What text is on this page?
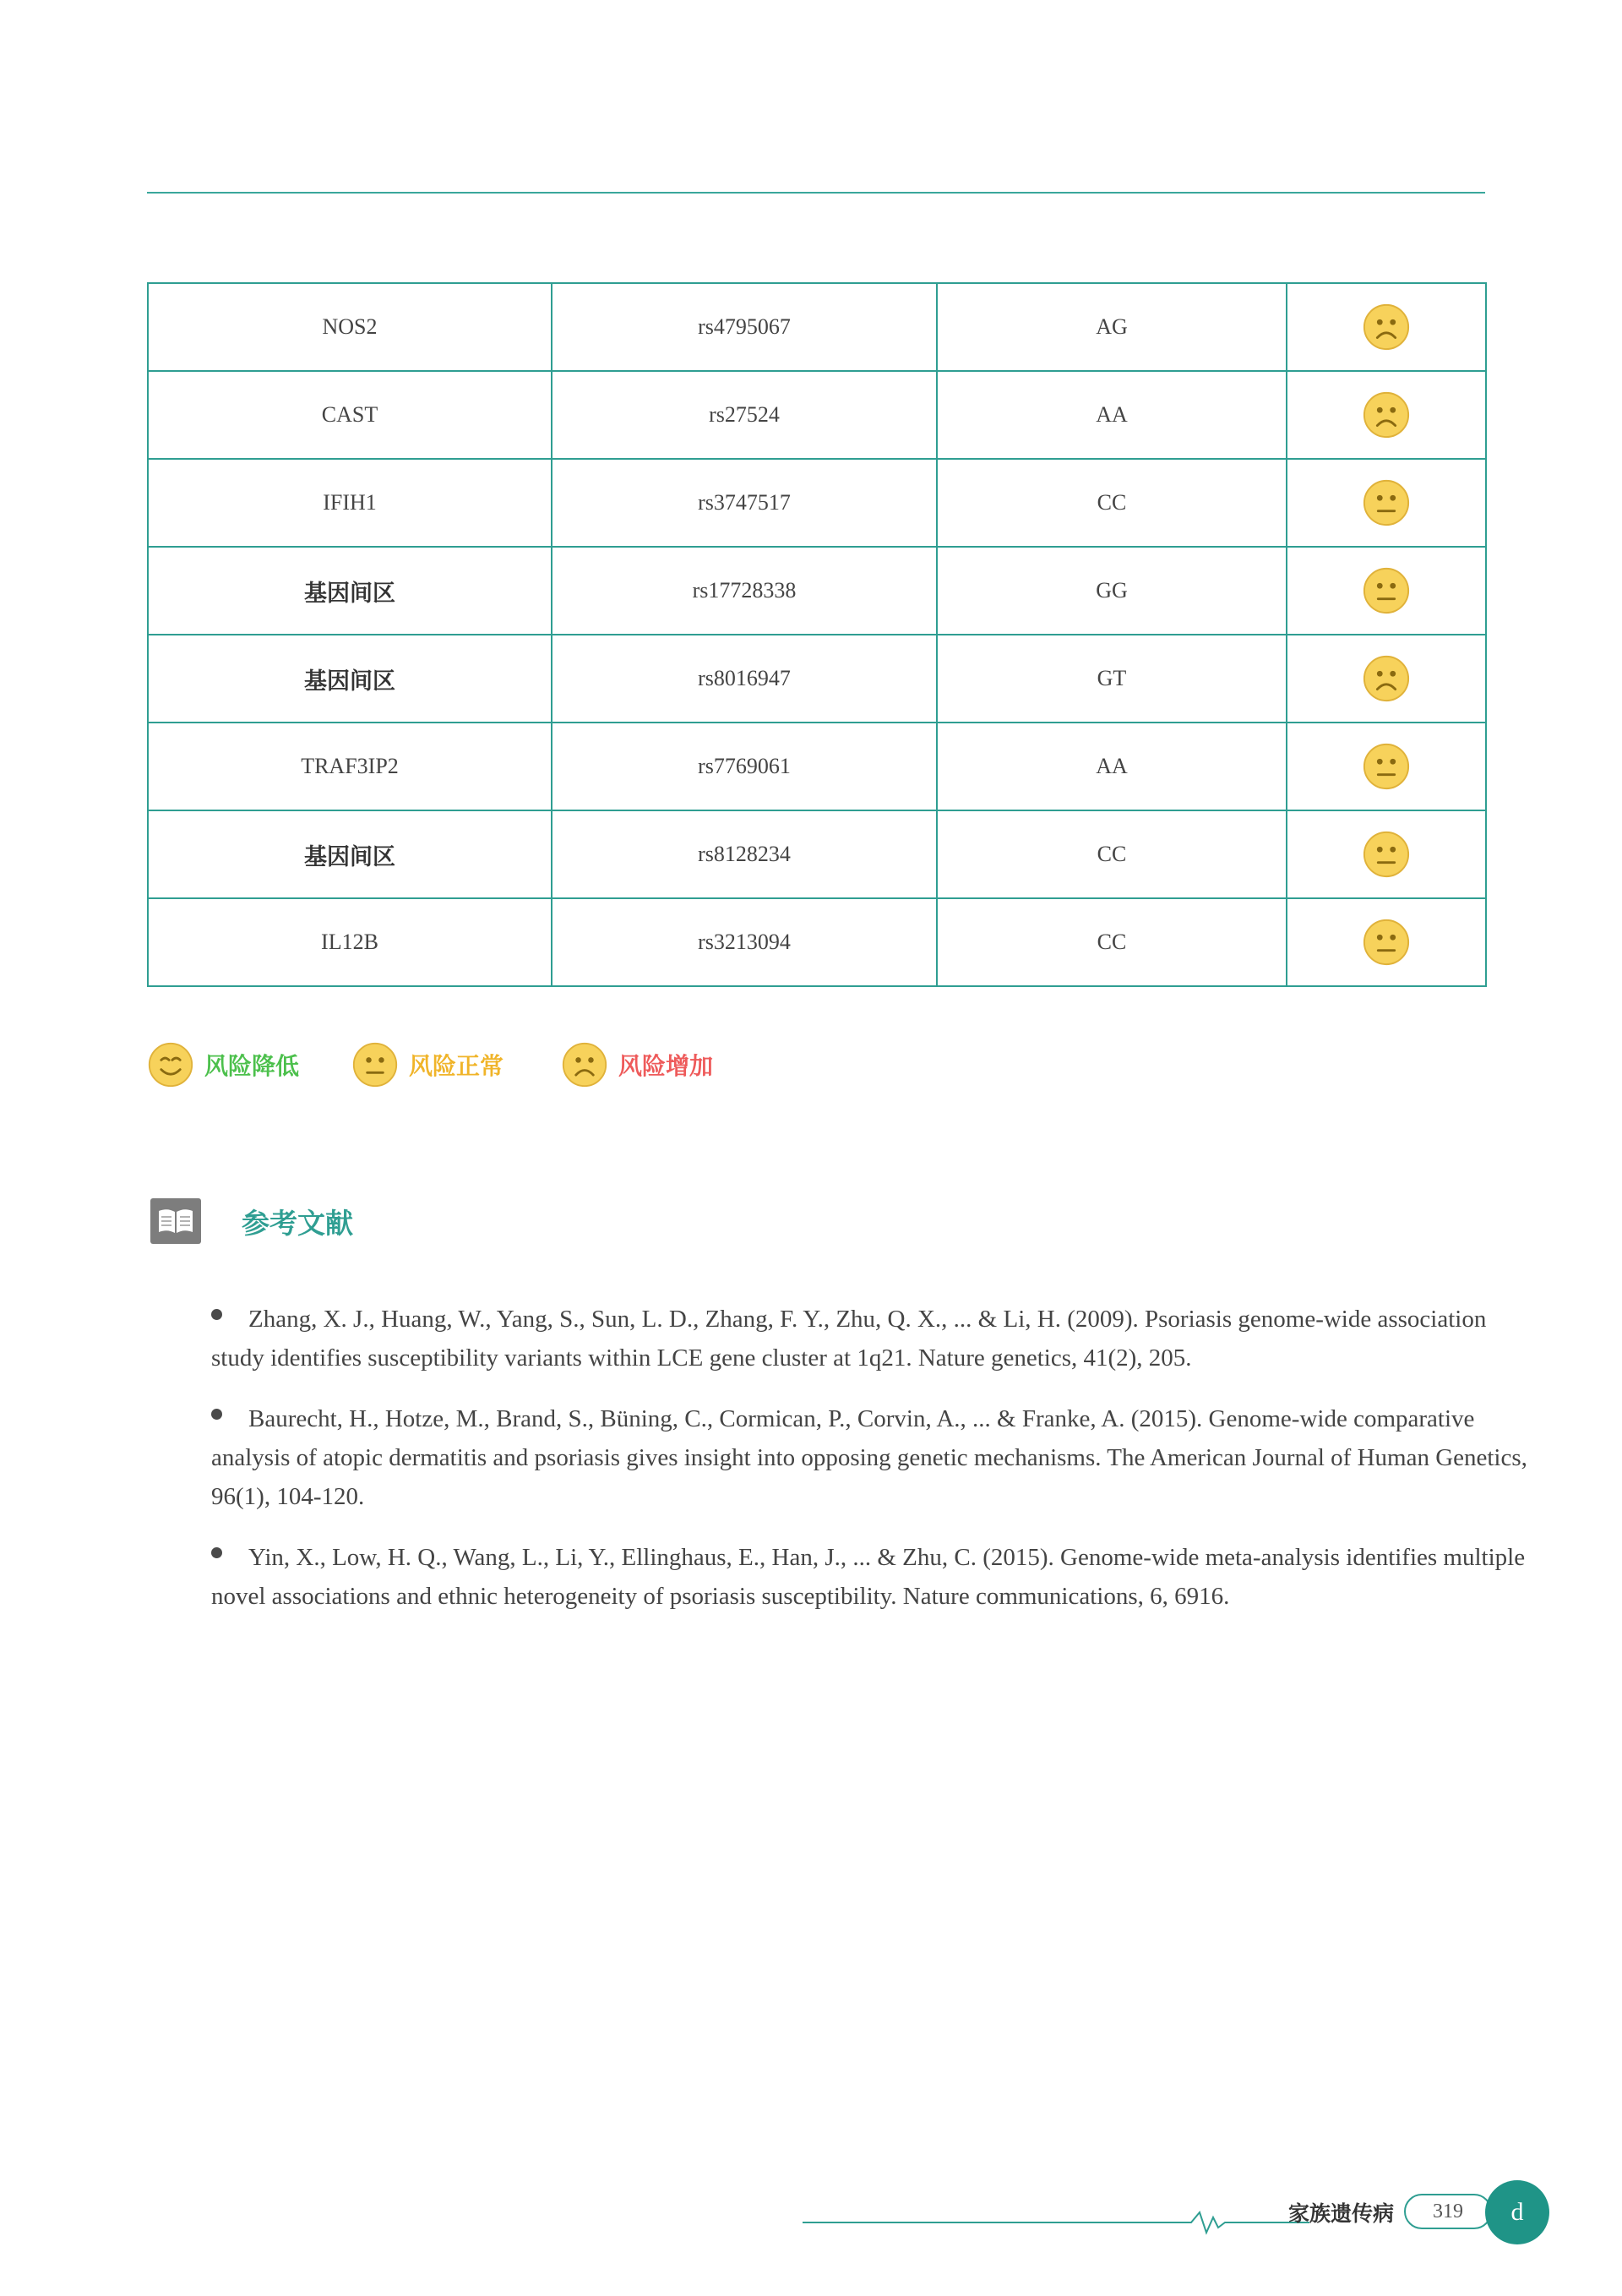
NOS2	rs4795067	AG	

CAST	rs27524	AA	

IFIH1	rs3747517	CC	

基因间区	rs17728338	GG	

基因间区	rs8016947	GT	

TRAF3IP2	rs7769061	AA	

基因间区	rs8128234	CC	

IL12B	rs3213094	CC	
风险降低	风险正常	风险增加
参考文献
Zhang, X. J., Huang, W., Yang, S., Sun, L. D., Zhang, F. Y., Zhu, Q. X., ... & Li, H. (2009). Psoriasis genome-wide association study identifies susceptibility variants within LCE gene cluster at 1q21. Nature genetics, 41(2), 205.
Baurecht, H., Hotze, M., Brand, S., Büning, C., Cormican, P., Corvin, A., ... & Franke, A. (2015). Genome-wide comparative analysis of atopic dermatitis and psoriasis gives insight into opposing genetic mechanisms. The American Journal of Human Genetics, 96(1), 104-120.
Yin, X., Low, H. Q., Wang, L., Li, Y., Ellinghaus, E., Han, J., ... & Zhu, C. (2015). Genome-wide meta-analysis identifies multiple novel associations and ethnic heterogeneity of psoriasis susceptibility. Nature communications, 6, 6916.
家族遗传病	319	d
